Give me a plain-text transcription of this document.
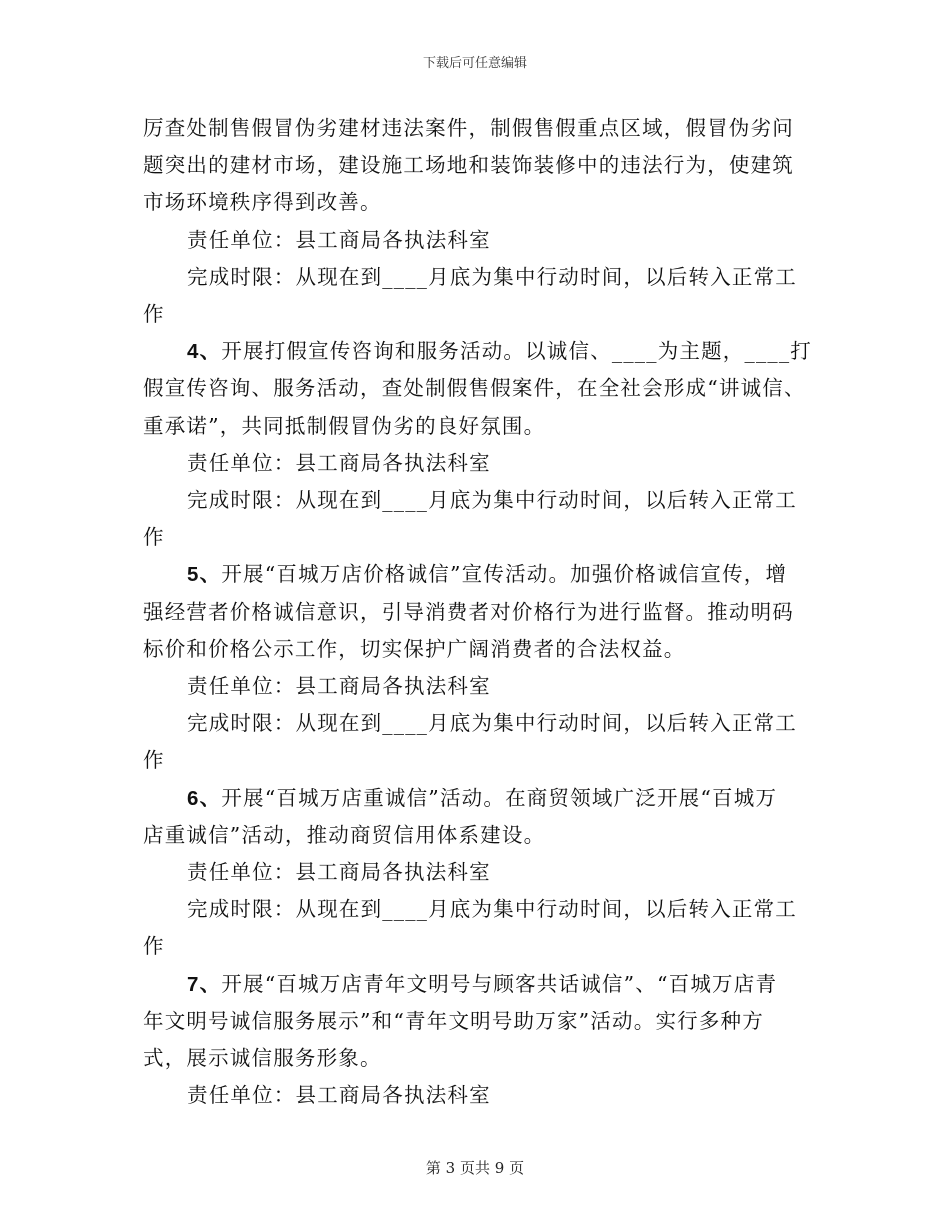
下载后可任意编辑

厉查处制售假冒伪劣建材违法案件，制假售假重点区域，假冒伪劣问

题突出的建材市场，建设施工场地和装饰装修中的违法行为，使建筑

市场环境秩序得到改善。

责任单位：县工商局各执法科室

完成时限：从现在到____月底为集中行动时间，以后转入正常工

作

4、开展打假宣传咨询和服务活动。以诚信、____为主题，____打

假宣传咨询、服务活动，查处制假售假案件，在全社会形成“讲诚信、

重承诺”，共同抵制假冒伪劣的良好氛围。

责任单位：县工商局各执法科室

完成时限：从现在到____月底为集中行动时间，以后转入正常工

作

5、开展“百城万店价格诚信”宣传活动。加强价格诚信宣传，增

强经营者价格诚信意识，引导消费者对价格行为进行监督。推动明码

标价和价格公示工作，切实保护广阔消费者的合法权益。

责任单位：县工商局各执法科室

完成时限：从现在到____月底为集中行动时间，以后转入正常工

作

6、开展“百城万店重诚信”活动。在商贸领域广泛开展“百城万

店重诚信”活动，推动商贸信用体系建设。

责任单位：县工商局各执法科室

完成时限：从现在到____月底为集中行动时间，以后转入正常工

作

7、开展“百城万店青年文明号与顾客共话诚信”、“百城万店青

年文明号诚信服务展示”和“青年文明号助万家”活动。实行多种方

式，展示诚信服务形象。

责任单位：县工商局各执法科室

第 3 页共 9 页
